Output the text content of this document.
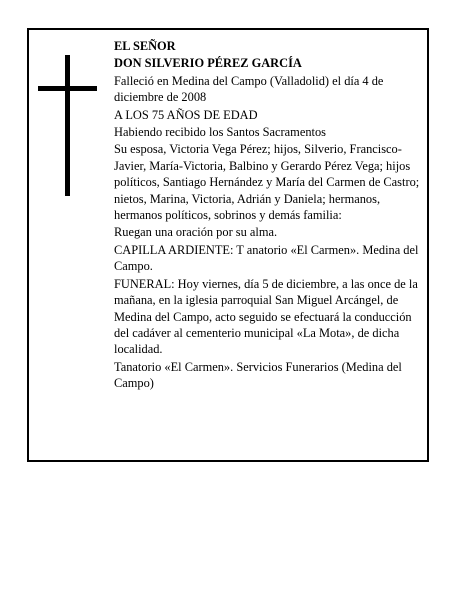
EL SEÑOR

DON SILVERIO PÉREZ GARCÍA

Falleció en Medina del Campo (Valladolid) el día 4 de diciembre de 2008

A LOS 75 AÑOS DE EDAD

Habiendo recibido los Santos Sacramentos

Su esposa, Victoria Vega Pérez; hijos, Silverio, Francisco-Javier, María-Victoria, Balbino y Gerardo Pérez Vega; hijos políticos, Santiago Hernández y María del Carmen de Castro; nietos, Marina, Victoria, Adrián y Daniela; hermanos, hermanos políticos, sobrinos y demás familia:

Ruegan una oración por su alma.

CAPILLA ARDIENTE: T anatorio «El Carmen». Medina del Campo.

FUNERAL: Hoy viernes, día 5 de diciembre, a las once de la mañana, en la iglesia parroquial San Miguel Arcángel, de Medina del Campo, acto seguido se efectuará la conducción del cadáver al cementerio municipal «La Mota», de dicha localidad.

Tanatorio «El Carmen». Servicios Funerarios (Medina del Campo)
